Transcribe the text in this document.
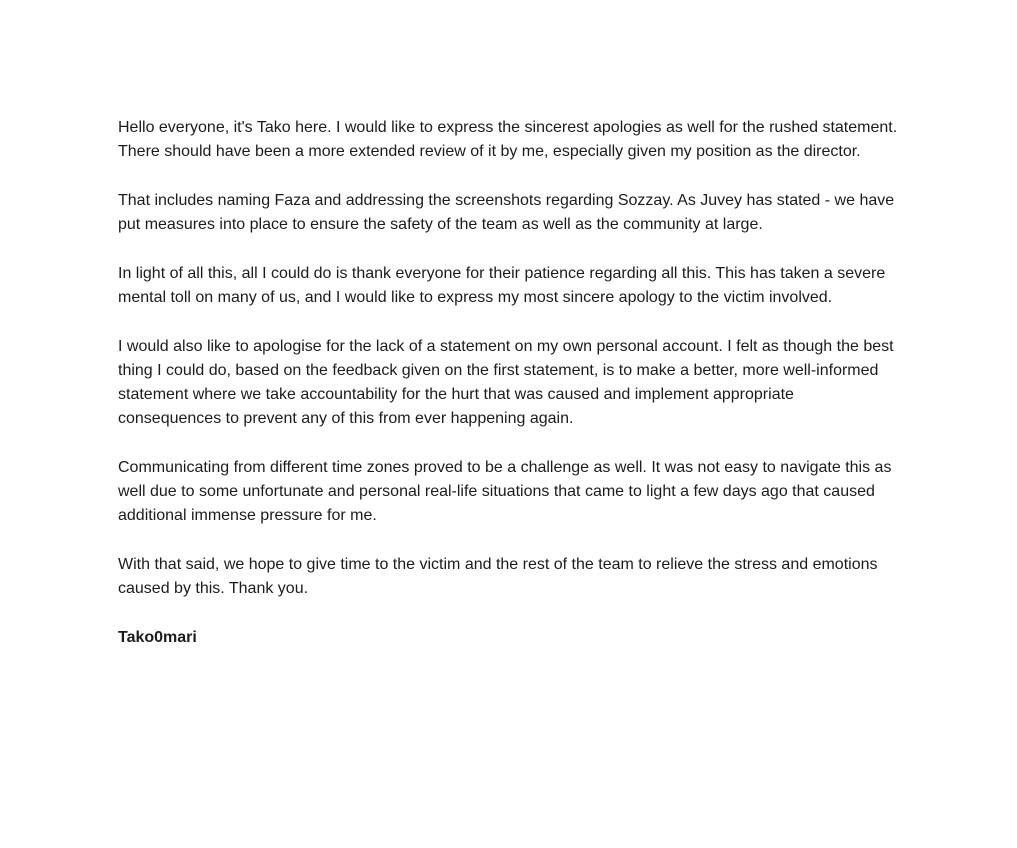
Hello everyone, it's Tako here. I would like to express the sincerest apologies as well for the rushed statement. There should have been a more extended review of it by me, especially given my position as the director.

That includes naming Faza and addressing the screenshots regarding Sozzay. As Juvey has stated - we have put measures into place to ensure the safety of the team as well as the community at large.

In light of all this, all I could do is thank everyone for their patience regarding all this. This has taken a severe mental toll on many of us, and I would like to express my most sincere apology to the victim involved.

I would also like to apologise for the lack of a statement on my own personal account. I felt as though the best thing I could do, based on the feedback given on the first statement, is to make a better, more well-informed statement where we take accountability for the hurt that was caused and implement appropriate consequences to prevent any of this from ever happening again.

Communicating from different time zones proved to be a challenge as well. It was not easy to navigate this as well due to some unfortunate and personal real-life situations that came to light a few days ago that caused additional immense pressure for me.

With that said, we hope to give time to the victim and the rest of the team to relieve the stress and emotions caused by this. Thank you.

Tako0mari
